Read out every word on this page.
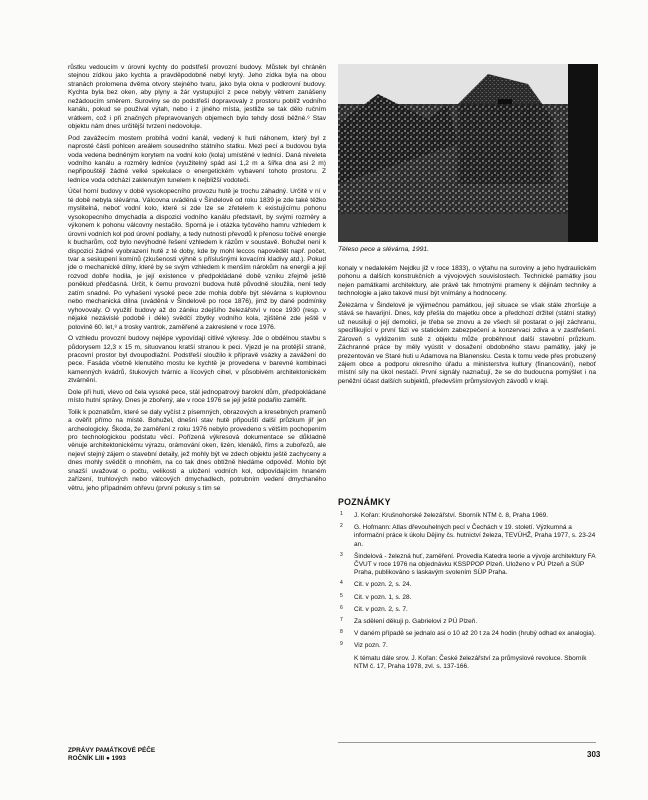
růstku vedoucím v úrovni kychty do podstřeší provozní budovy. Můstek byl chráněn stejnou zídkou jako kychta a pravděpodobně nebyl krytý. Jeho zídka byla na obou stranách prolomena dvěma otvory stejného tvaru, jako byla okna v podkrovní budovy. Kychta byla bez oken, aby plyny a žár vystupující z pece nebyly větrem zanášeny nežádoucím směrem. Suroviny se do podstřeší dopravovaly z prostoru poblíž vodního kanálu, pokud se používal výtah, nebo i z jiného místa, jestliže se tak dělo ručním vrátkem, což i při značných přepravovaných objemech bylo tehdy dosti běžné.⁶ Stav objektu nám dnes určitější tvrzení nedovoluje.

Pod zavážecím mostem probíhá vodní kanál, vedený k huti náhonem, který byl z naprosté části pohlcen areálem sousedního státního statku. Mezi pecí a budovou byla voda vedena bedněným korytem na vodní kolo (kola) umístěné v ledníci. Daná niveleta vodního kanálu a rozměry ledníce (využitelný spád asi 1,2 m a šířka dna asi 2 m) nepřipouštějí žádné velké spekulace o energetickém vybavení tohoto prostoru. Z ledníce voda odchází zaklenutým tunelem k nejbližší vodoteči.

Účel horní budovy v době vysokopecního provozu hutě je trochu záhadný. Určitě v ní v té době nebyla slévárna. Válcovna uváděná v Šindelově od roku 1839 je zde také těžko myslitelná, neboť vodní kolo, které si zde lze se zřetelem k existujícímu pohonu vysokopecního dmychadla a dispozici vodního kanálu představit, by svými rozměry a výkonem k pohonu válcovny nestačilo. Sporná je i otázka tyčového hamru vzhledem k úrovni vodních kol pod úrovní podlahy, a tedy nutnosti převodů k přenosu točivé energie k bucharům, což bylo nevýhodné řešení vzhledem k rázům v soustavě. Bohužel není k dispozici žádné vyobrazení hutě z té doby, kde by mohl leccos napovědět např. počet, tvar a seskupení komínů (zkušenosti výhně s příslušnými kovacími kladivy atd.). Pokud jde o mechanické dílny, které by se svým vzhledem k menším nárokům na energii a její rozvod dobře hodila, je její existence v předpokládané době vzniku zřejmě ještě poněkud předčasná. Určit, k čemu provozní budova hutě původně sloužila, není tedy zatím snadné. Po vyhašení vysoké pece zde mohla dobře být slévárna s kuplovnou nebo mechanická dílna (uváděná v Šindelově po roce 1876), jimž by dané podmínky vyhovovaly. O využití budovy až do zániku zdejšího železářství v roce 1930 (resp. v nějaké nezávislé podobě i déle) svědčí zbytky vodního kola, zjištěné zde ještě v polovině 60. let,⁸ a trosky vantrok, zaměřené a zakreslené v roce 1976.

O vzhledu provozní budovy nejlépe vypovídají citlivé výkresy. Jde o obdélnou stavbu s půdorysem 12,3 x 15 m, situovanou kratší stranou k peci. Vjezd je na protější straně, pracovní prostor byl dvoupodlažní. Podstřeší sloužilo k přípravě vsázky a zavážení do pece. Fasáda včetně klenutého mostu ke kychtě je provedena v barevné kombinaci kamenných kvádrů, štukových tvárnic a lícových cihel, v působivém architektonickém ztvárnění.

Dole při huti, vlevo od čela vysoké pece, stál jednopatrový barokní dům, předpokládané místo hutní správy. Dnes je zbořený, ale v roce 1976 se její ještě podařilo zaměřit.

Tolik k poznatkům, které se daly vyčíst z písemných, obrazových a kresebných pramenů a ověřit přímo na místě. Bohužel, dnešní stav hutě připouští další průzkum jiř jen archeologicky. Škoda, že zaměření z roku 1976 nebylo provedeno s větším pochopením pro technologickou podstatu věcí. Pořízená výkresová dokumentace se důkladně věnuje architektonickému výrazu, orámování oken, lizén, klenáků, říms a zubořezů, ale nejeví stejný zájem o stavební detaily, jež mohly být ve zdech objektu ještě zachyceny a dnes mohly svědčit o mnohém, na co tak dnes obtížně hledáme odpověď. Mohlo být snazší uvažovat o počtu, velikosti a uložení vodních kol, odpovídajícím hnaném zařízení, truhlových nebo válcových dmychadlech, potrubním vedení dmychaného větru, jeho případném ohřevu (první pokusy s tím se

Těleso pece a slévárna, 1991.

konaly v nedalekém Nejdku již v roce 1833), o výtahu na suroviny a jeho hydraulickém pohonu a dalších konstrukčních a vývojových souvislostech. Technické památky jsou nejen památkami architektury, ale právě tak hmotnými prameny k dějinám techniky a technologie a jako takové musí být vnímány a hodnoceny.

Železárna v Šindelově je výjimečnou památkou, její situace se však stále zhoršuje a stává se havarijní. Dnes, kdy přešla do majetku obce a předchozí držitel (státní statky) už neusiluji o její demolici, je třeba se znovu a ze všech sil postarat o její záchranu, specifikující v první fázi ve statickém zabezpečení a konzervaci zdiva a v zastřešení. Zároveň s vyklizením sutě z objektu může proběhnout další stavební průzkum. Záchranné práce by měly vyústit v dosažení obdobného stavu památky, jaký je prezentován ve Staré huti u Adamova na Blanensku. Cesta k tomu vede přes probuzený zájem obce a podporu okresního úřadu a ministerstva kultury (financování), neboť místní síly na úkol nestačí. První signály naznačují, že se do budoucna pomýšlet i na peněžní účast dalších subjektů, především průmyslových závodů v kraji.

POZNÁMKY
1 J. Kořan: Krušnohorské železářství. Sborník NTM č. 8, Praha 1969.
2 G. Hofmann: Atlas dřevouhelných pecí v Čechách v 19. století. Výzkumná a informační práce k úkolu Dějiny čs. hutnictví železa, TEVÚHŽ, Praha 1977, s. 23-24 an.
3 Šindelová - železná huť, zaměření. Provedla Katedra teorie a vývoje architektury FA ČVUT v roce 1976 na objednávku KSSPPOP Plzeň. Uloženo v PÚ Plzeň a SÚP Praha, publikováno s laskavým svolením SÚP Praha.
4 Cit. v pozn. 2, s. 24.
5 Cit. v pozn. 1, s. 28.
6 Cit. v pozn. 2, s. 7.
7 Za sdělení děkuji p. Gabrielovi z PÚ Plzeň.
8 V daném případě se jednalo asi o 10 až 20 t za 24 hodin (hrubý odhad ex analogia).
9 Viz pozn. 7.
K tématu dále srov. J. Kořan: České železářství za průmyslové revoluce. Sborník NTM č. 17, Praha 1978, zvl. s. 137-166.
ZPRÁVY PAMÁTKOVÉ PÉČE
ROČNÍK LIII ● 1993	303
